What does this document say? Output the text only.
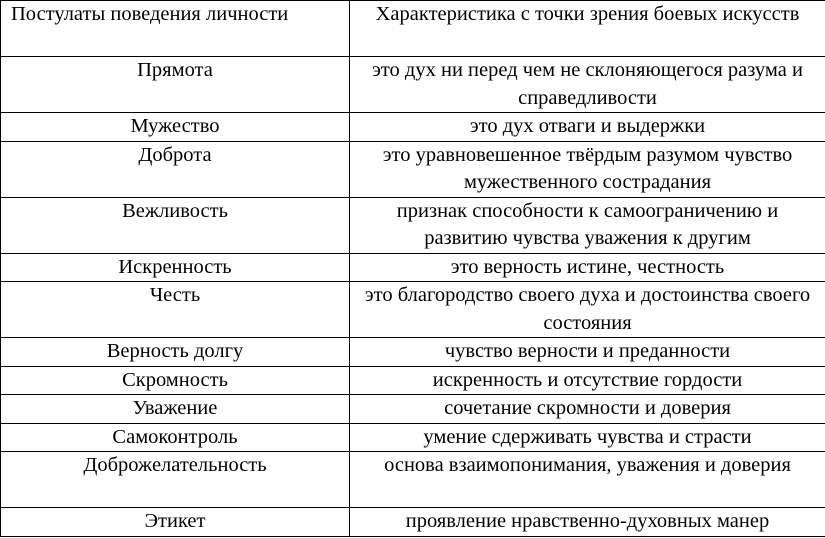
Постулаты поведения личности	Характеристика с точки зрения боевых искусств
Прямота	это дух ни перед чем не склоняющегося разума и справедливости
Мужество	это дух отваги и выдержки
Доброта	это уравновешенное твёрдым разумом чувство мужественного сострадания
Вежливость	признак способности к самоограничению и развитию чувства уважения к другим
Искренность	это верность истине, честность
Честь	это благородство своего духа и достоинства своего состояния
Верность долгу	чувство верности и преданности
Скромность	искренность и отсутствие гордости
Уважение	сочетание скромности и доверия
Самоконтроль	умение сдерживать чувства и страсти
Доброжелательность	основа взаимопонимания, уважения и доверия
Этикет	проявление нравственно-духовных манер
